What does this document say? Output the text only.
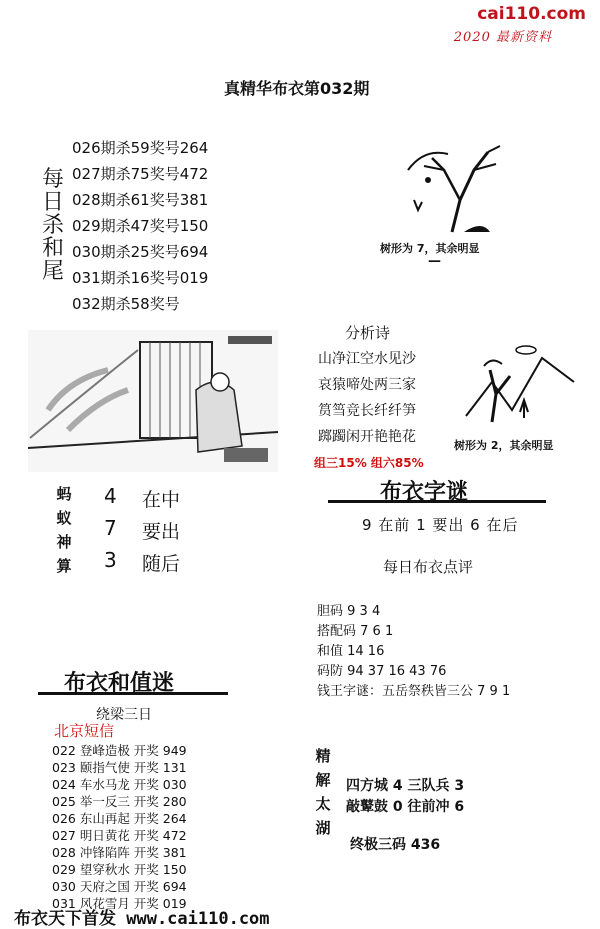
cai110.com
2020 最新资料
真精华布衣第032期
每
日
杀
和
尾
026期杀59奖号264
027期杀75奖号472
028期杀61奖号381
029期杀47奖号150
030期杀25奖号694
031期杀16奖号019
032期杀58奖号
树形为 7，其余明显
—
分析诗
山净江空水见沙
哀猿啼处两三家
筼筜竞长纤纤笋
踯躅闲开艳艳花
树形为 2，其余明显
组三15% 组六85%
蚂
蚁
神
算
4 在中
7 要出
3 随后
布衣字谜
9 在前 1 要出 6 在后
每日布衣点评
胆码 9 3 4
搭配码 7 6 1
和值 14 16
码防 94 37 16 43 76
钱王字谜：五岳祭秩皆三公 7 9 1
布衣和值迷
绕梁三日
北京短信
022 登峰造极 开奖 949
023 颐指气使 开奖 131
024 车水马龙 开奖 030
025 举一反三 开奖 280
026 东山再起 开奖 264
027 明日黄花 开奖 472
028 冲锋陷阵 开奖 381
029 望穿秋水 开奖 150
030 天府之国 开奖 694
031 风花雪月 开奖 019
精
解
太
湖
四方城 4 三队兵 3
敲鼙鼓 0 往前冲 6
终极三码 436
布衣天下首发 www.cai110.com
